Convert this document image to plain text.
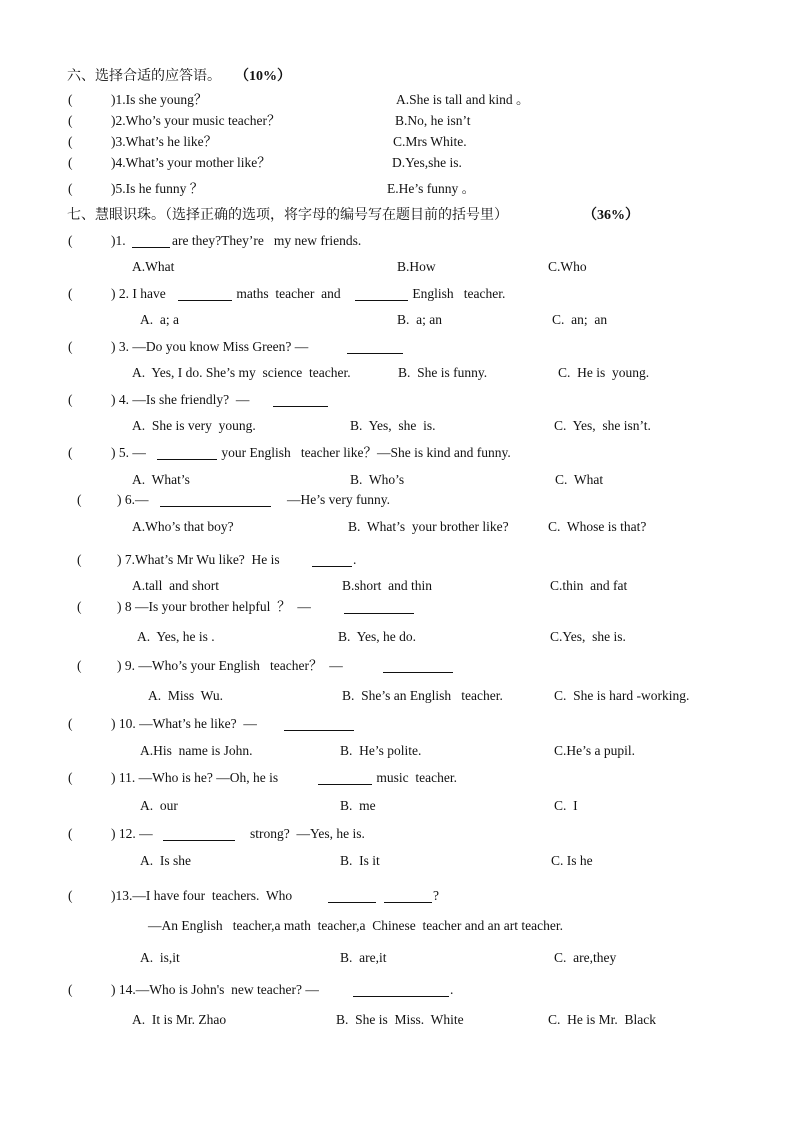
六、选择合适的应答语。 （10%）
(	)1.Is she young？	A.She is tall and kind 。
(	)2.Who’s your music teacher？	B.No, he isn’t
(	)3.What’s he like？	C.Mrs White.
(	)4.What’s your mother like？	D.Yes,she is.
(	)5.Is he funny ？	E.He’s funny 。
七、慧眼识珠。（选择正确的选项，将字母的编号写在题目前的括号里）	（36%）
(	)1.	are they?They’re   my new friends.
A.What	B.How	C.Who
(	) 2. I have	maths  teacher  and	English   teacher.
A.  a; a	B.  a; an	C.  an;  an
(	) 3. —Do you know Miss Green? —
A.  Yes, I do. She’s my  science  teacher.	B.  She is funny.	C.  He is  young.
(	) 4. —Is she friendly?  —
A.  She is very  young.	B.  Yes,  she  is.	C.  Yes,  she isn’t.
(	) 5. —	your English   teacher like？—She is kind and funny.
A.  What’s	B.  Who’s	C.  What
(	) 6.—	—He’s very funny.
A.Who’s that boy?	B.  What’s  your brother like?	C.  Whose is that?
(	) 7.What’s Mr Wu like?  He is	.
A.tall  and short	B.short  and thin	C.thin  and fat
(	) 8 —Is your brother helpful  ？  —
A.  Yes, he is .	B.  Yes, he do.	C.Yes,  she is.
(	) 9. —Who’s your English   teacher？  —
A.  Miss  Wu.	B.  She’s an English   teacher.	C.  She is hard -working.
(	) 10. —What’s he like?  —
A.His  name is John.	B.  He’s polite.	C.He’s a pupil.
(	) 11. —Who is he? —Oh, he is	music  teacher.
A.  our	B.  me	C.  I
(	) 12. —	strong?  —Yes, he is.
A.  Is she	B.  Is it	C. Is he
(	)13.—I have four  teachers.  Who	?
—An English   teacher,a math  teacher,a  Chinese  teacher and an art teacher.
A.  is,it	B.  are,it	C.  are,they
(	) 14.—Who is John's  new teacher? —	.
A.  It is Mr. Zhao	B.  She is  Miss.  White	C.  He is Mr.  Black
